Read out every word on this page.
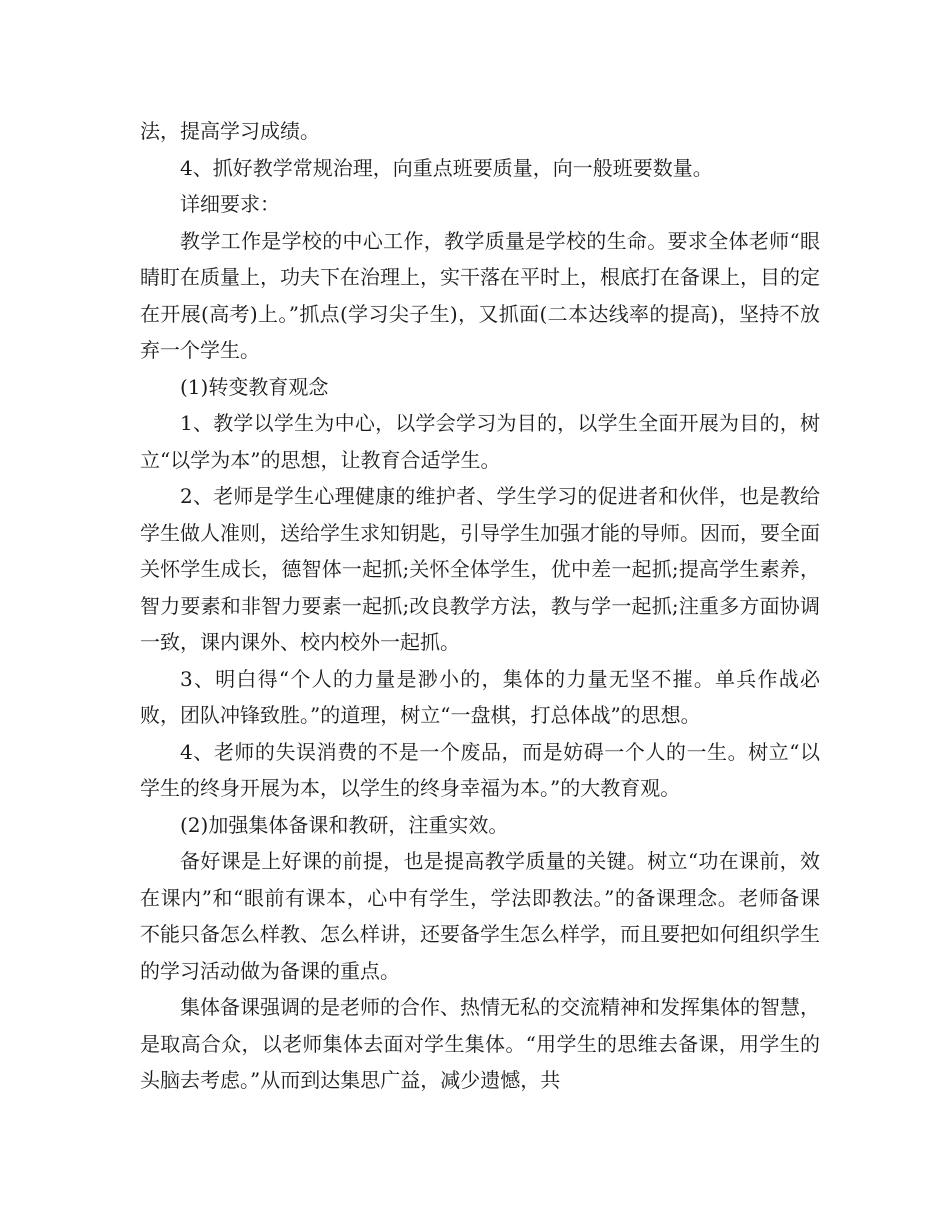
法，提高学习成绩。

4、抓好教学常规治理，向重点班要质量，向一般班要数量。

详细要求：

教学工作是学校的中心工作，教学质量是学校的生命。要求全体老师“眼睛盯在质量上，功夫下在治理上，实干落在平时上，根底打在备课上，目的定在开展(高考)上。”抓点(学习尖子生)，又抓面(二本达线率的提高)，坚持不放弃一个学生。

(1)转变教育观念

1、教学以学生为中心，以学会学习为目的，以学生全面开展为目的，树立“以学为本”的思想，让教育合适学生。

2、老师是学生心理健康的维护者、学生学习的促进者和伙伴，也是教给学生做人准则，送给学生求知钥匙，引导学生加强才能的导师。因而，要全面关怀学生成长，德智体一起抓;关怀全体学生，优中差一起抓;提高学生素养，智力要素和非智力要素一起抓;改良教学方法，教与学一起抓;注重多方面协调一致，课内课外、校内校外一起抓。

3、明白得“个人的力量是渺小的，集体的力量无坚不摧。单兵作战必败，团队冲锋致胜。”的道理，树立“一盘棋，打总体战”的思想。

4、老师的失误消费的不是一个废品，而是妨碍一个人的一生。树立“以学生的终身开展为本，以学生的终身幸福为本。”的大教育观。

(2)加强集体备课和教研，注重实效。

备好课是上好课的前提，也是提高教学质量的关键。树立“功在课前，效在课内”和“眼前有课本，心中有学生，学法即教法。”的备课理念。老师备课不能只备怎么样教、怎么样讲，还要备学生怎么样学，而且要把如何组织学生的学习活动做为备课的重点。

集体备课强调的是老师的合作、热情无私的交流精神和发挥集体的智慧，是取高合众，以老师集体去面对学生集体。“用学生的思维去备课，用学生的头脑去考虑。”从而到达集思广益，减少遗憾，共
